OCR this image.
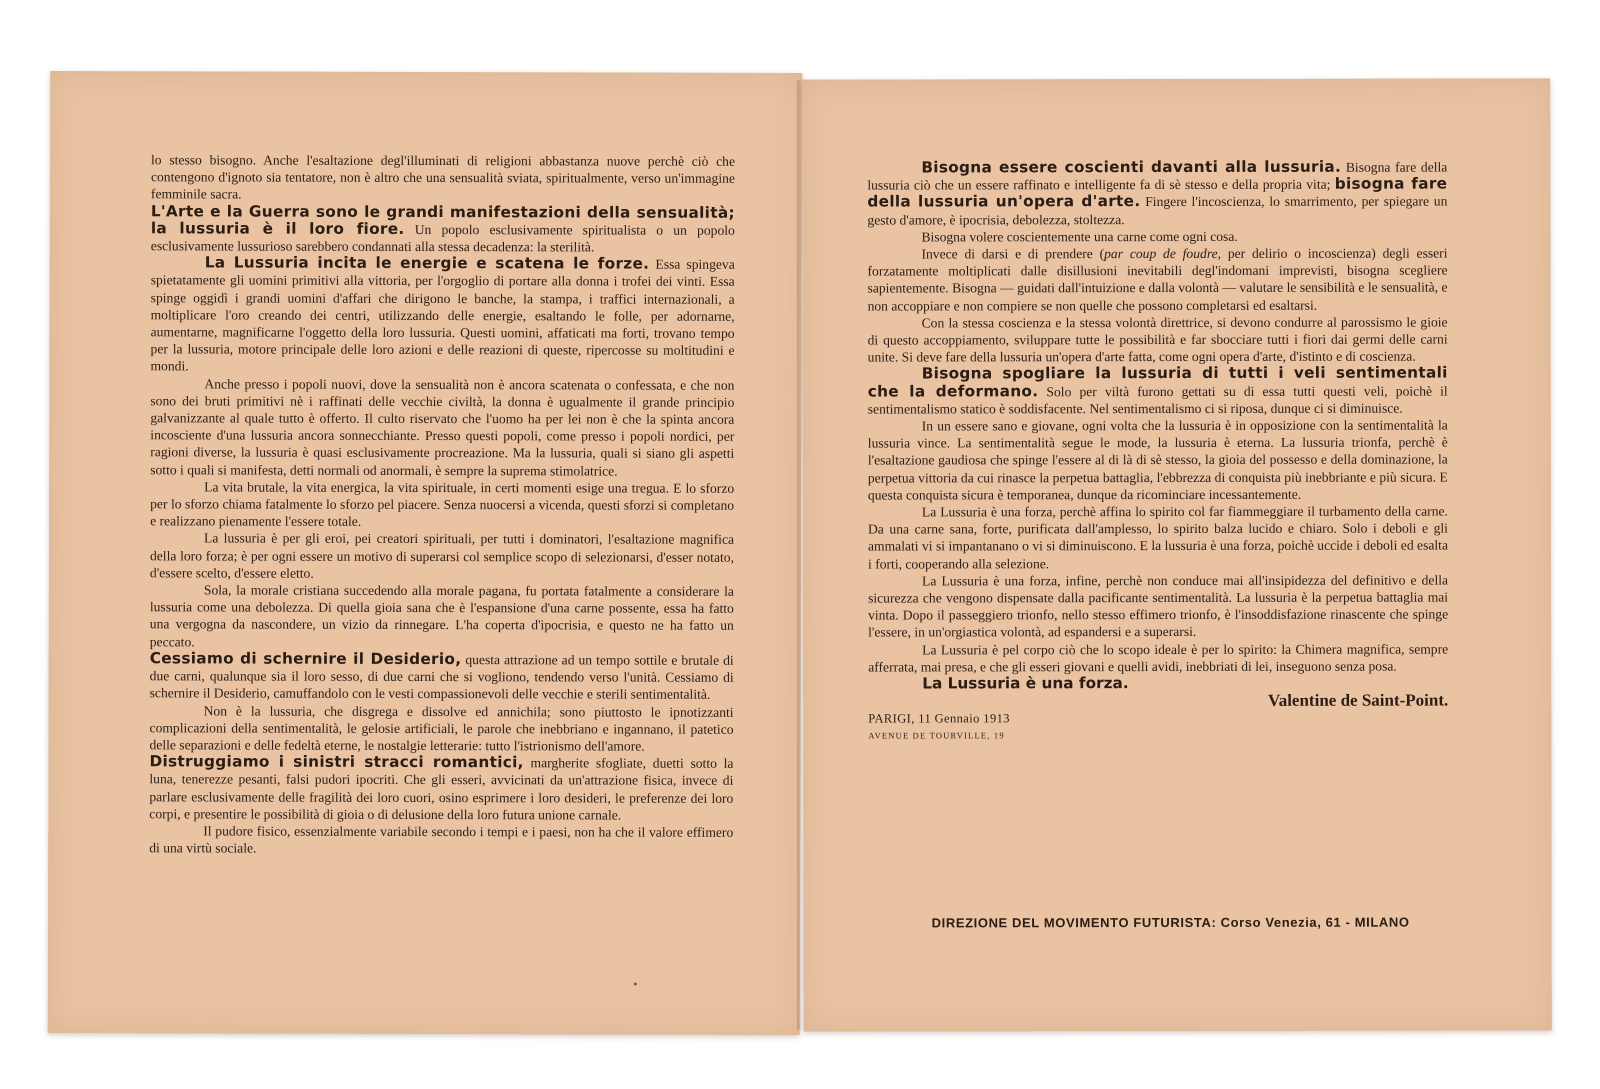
lo stesso bisogno. Anche l'esaltazione degl'illuminati di religioni abbastanza nuove perchè ciò che contengono d'ignoto sia tentatore, non è altro che una sensualità sviata, spiritualmente, verso un'immagine femminile sacra.

L'Arte e la Guerra sono le grandi manifestazioni della sensualità; la lussuria è il loro fiore. Un popolo esclusivamente spiritualista o un popolo esclusivamente lussurioso sarebbero condannati alla stessa decadenza: la sterilità.

La Lussuria incita le energie e scatena le forze. Essa spingeva spietatamente gli uomini primitivi alla vittoria, per l'orgoglio di portare alla donna i trofei dei vinti. Essa spinge oggidì i grandi uomini d'affari che dirigono le banche, la stampa, i traffici internazionali, a moltiplicare l'oro creando dei centri, utilizzando delle energie, esaltando le folle, per adornarne, aumentarne, magnificarne l'oggetto della loro lussuria. Questi uomini, affaticati ma forti, trovano tempo per la lussuria, motore principale delle loro azioni e delle reazioni di queste, ripercosse su moltitudini e mondi.

Anche presso i popoli nuovi, dove la sensualità non è ancora scatenata o confessata, e che non sono dei bruti primitivi nè i raffinati delle vecchie civiltà, la donna è ugualmente il grande principio galvanizzante al quale tutto è offerto. Il culto riservato che l'uomo ha per lei non è che la spinta ancora incosciente d'una lussuria ancora sonnecchiante. Presso questi popoli, come presso i popoli nordici, per ragioni diverse, la lussuria è quasi esclusivamente procreazione. Ma la lussuria, quali si siano gli aspetti sotto i quali si manifesta, detti normali od anormali, è sempre la suprema stimolatrice.

La vita brutale, la vita energica, la vita spirituale, in certi momenti esige una tregua. E lo sforzo per lo sforzo chiama fatalmente lo sforzo pel piacere. Senza nuocersi a vicenda, questi sforzi si completano e realizzano pienamente l'essere totale.

La lussuria è per gli eroi, pei creatori spirituali, per tutti i dominatori, l'esaltazione magnifica della loro forza; è per ogni essere un motivo di superarsi col semplice scopo di selezionarsi, d'esser notato, d'essere scelto, d'essere eletto.

Sola, la morale cristiana succedendo alla morale pagana, fu portata fatalmente a considerare la lussuria come una debolezza. Di quella gioia sana che è l'espansione d'una carne possente, essa ha fatto una vergogna da nascondere, un vizio da rinnegare. L'ha coperta d'ipocrisia, e questo ne ha fatto un peccato.

Cessiamo di schernire il Desiderio, questa attrazione ad un tempo sottile e brutale di due carni, qualunque sia il loro sesso, di due carni che si vogliono, tendendo verso l'unità. Cessiamo di schernire il Desiderio, camuffandolo con le vesti compassionevoli delle vecchie e sterili sentimentalità.

Non è la lussuria, che disgrega e dissolve ed annichila; sono piuttosto le ipnotizzanti complicazioni della sentimentalità, le gelosie artificiali, le parole che inebbriano e ingannano, il patetico delle separazioni e delle fedeltà eterne, le nostalgie letterarie: tutto l'istrionismo dell'amore.

Distruggiamo i sinistri stracci romantici, margherite sfogliate, duetti sotto la luna, tenerezze pesanti, falsi pudori ipocriti. Che gli esseri, avvicinati da un'attrazione fisica, invece di parlare esclusivamente delle fragilità dei loro cuori, osino esprimere i loro desideri, le preferenze dei loro corpi, e presentire le possibilità di gioia o di delusione della loro futura unione carnale.

Il pudore fisico, essenzialmente variabile secondo i tempi e i paesi, non ha che il valore effimero di una virtù sociale.

Bisogna essere coscienti davanti alla lussuria. Bisogna fare della lussuria ciò che un essere raffinato e intelligente fa di sè stesso e della propria vita; bisogna fare della lussuria un'opera d'arte. Fingere l'incoscienza, lo smarrimento, per spiegare un gesto d'amore, è ipocrisia, debolezza, stoltezza.

Bisogna volere coscientemente una carne come ogni cosa.

Invece di darsi e di prendere (par coup de foudre, per delirio o incoscienza) degli esseri forzatamente moltiplicati dalle disillusioni inevitabili degl'indomani imprevisti, bisogna scegliere sapientemente. Bisogna — guidati dall'intuizione e dalla volontà — valutare le sensibilità e le sensualità, e non accoppiare e non compiere se non quelle che possono completarsi ed esaltarsi.

Con la stessa coscienza e la stessa volontà direttrice, si devono condurre al parossismo le gioie di questo accoppiamento, sviluppare tutte le possibilità e far sbocciare tutti i fiori dai germi delle carni unite. Si deve fare della lussuria un'opera d'arte fatta, come ogni opera d'arte, d'istinto e di coscienza.

Bisogna spogliare la lussuria di tutti i veli sentimentali che la deformano. Solo per viltà furono gettati su di essa tutti questi veli, poichè il sentimentalismo statico è soddisfacente. Nel sentimentalismo ci si riposa, dunque ci si diminuisce.

In un essere sano e giovane, ogni volta che la lussuria è in opposizione con la sentimentalità la lussuria vince. La sentimentalità segue le mode, la lussuria è eterna. La lussuria trionfa, perchè è l'esaltazione gaudiosa che spinge l'essere al di là di sè stesso, la gioia del possesso e della dominazione, la perpetua vittoria da cui rinasce la perpetua battaglia, l'ebbrezza di conquista più inebbriante e più sicura. E questa conquista sicura è temporanea, dunque da ricominciare incessantemente.

La Lussuria è una forza, perchè affina lo spirito col far fiammeggiare il turbamento della carne. Da una carne sana, forte, purificata dall'amplesso, lo spirito balza lucido e chiaro. Solo i deboli e gli ammalati vi si impantanano o vi si diminuiscono. E la lussuria è una forza, poichè uccide i deboli ed esalta i forti, cooperando alla selezione.

La Lussuria è una forza, infine, perchè non conduce mai all'insipidezza del definitivo e della sicurezza che vengono dispensate dalla pacificante sentimentalità. La lussuria è la perpetua battaglia mai vinta. Dopo il passeggiero trionfo, nello stesso effimero trionfo, è l'insoddisfazione rinascente che spinge l'essere, in un'orgiastica volontà, ad espandersi e a superarsi.

La Lussuria è pel corpo ciò che lo scopo ideale è per lo spirito: la Chimera magnifica, sempre afferrata, mai presa, e che gli esseri giovani e quelli avidi, inebbriati di lei, inseguono senza posa.

La Lussuria è una forza.

Valentine de Saint-Point.

PARIGI, 11 Gennaio 1913

AVENUE DE TOURVILLE, 19

DIREZIONE DEL MOVIMENTO FUTURISTA: Corso Venezia, 61 - MILANO
